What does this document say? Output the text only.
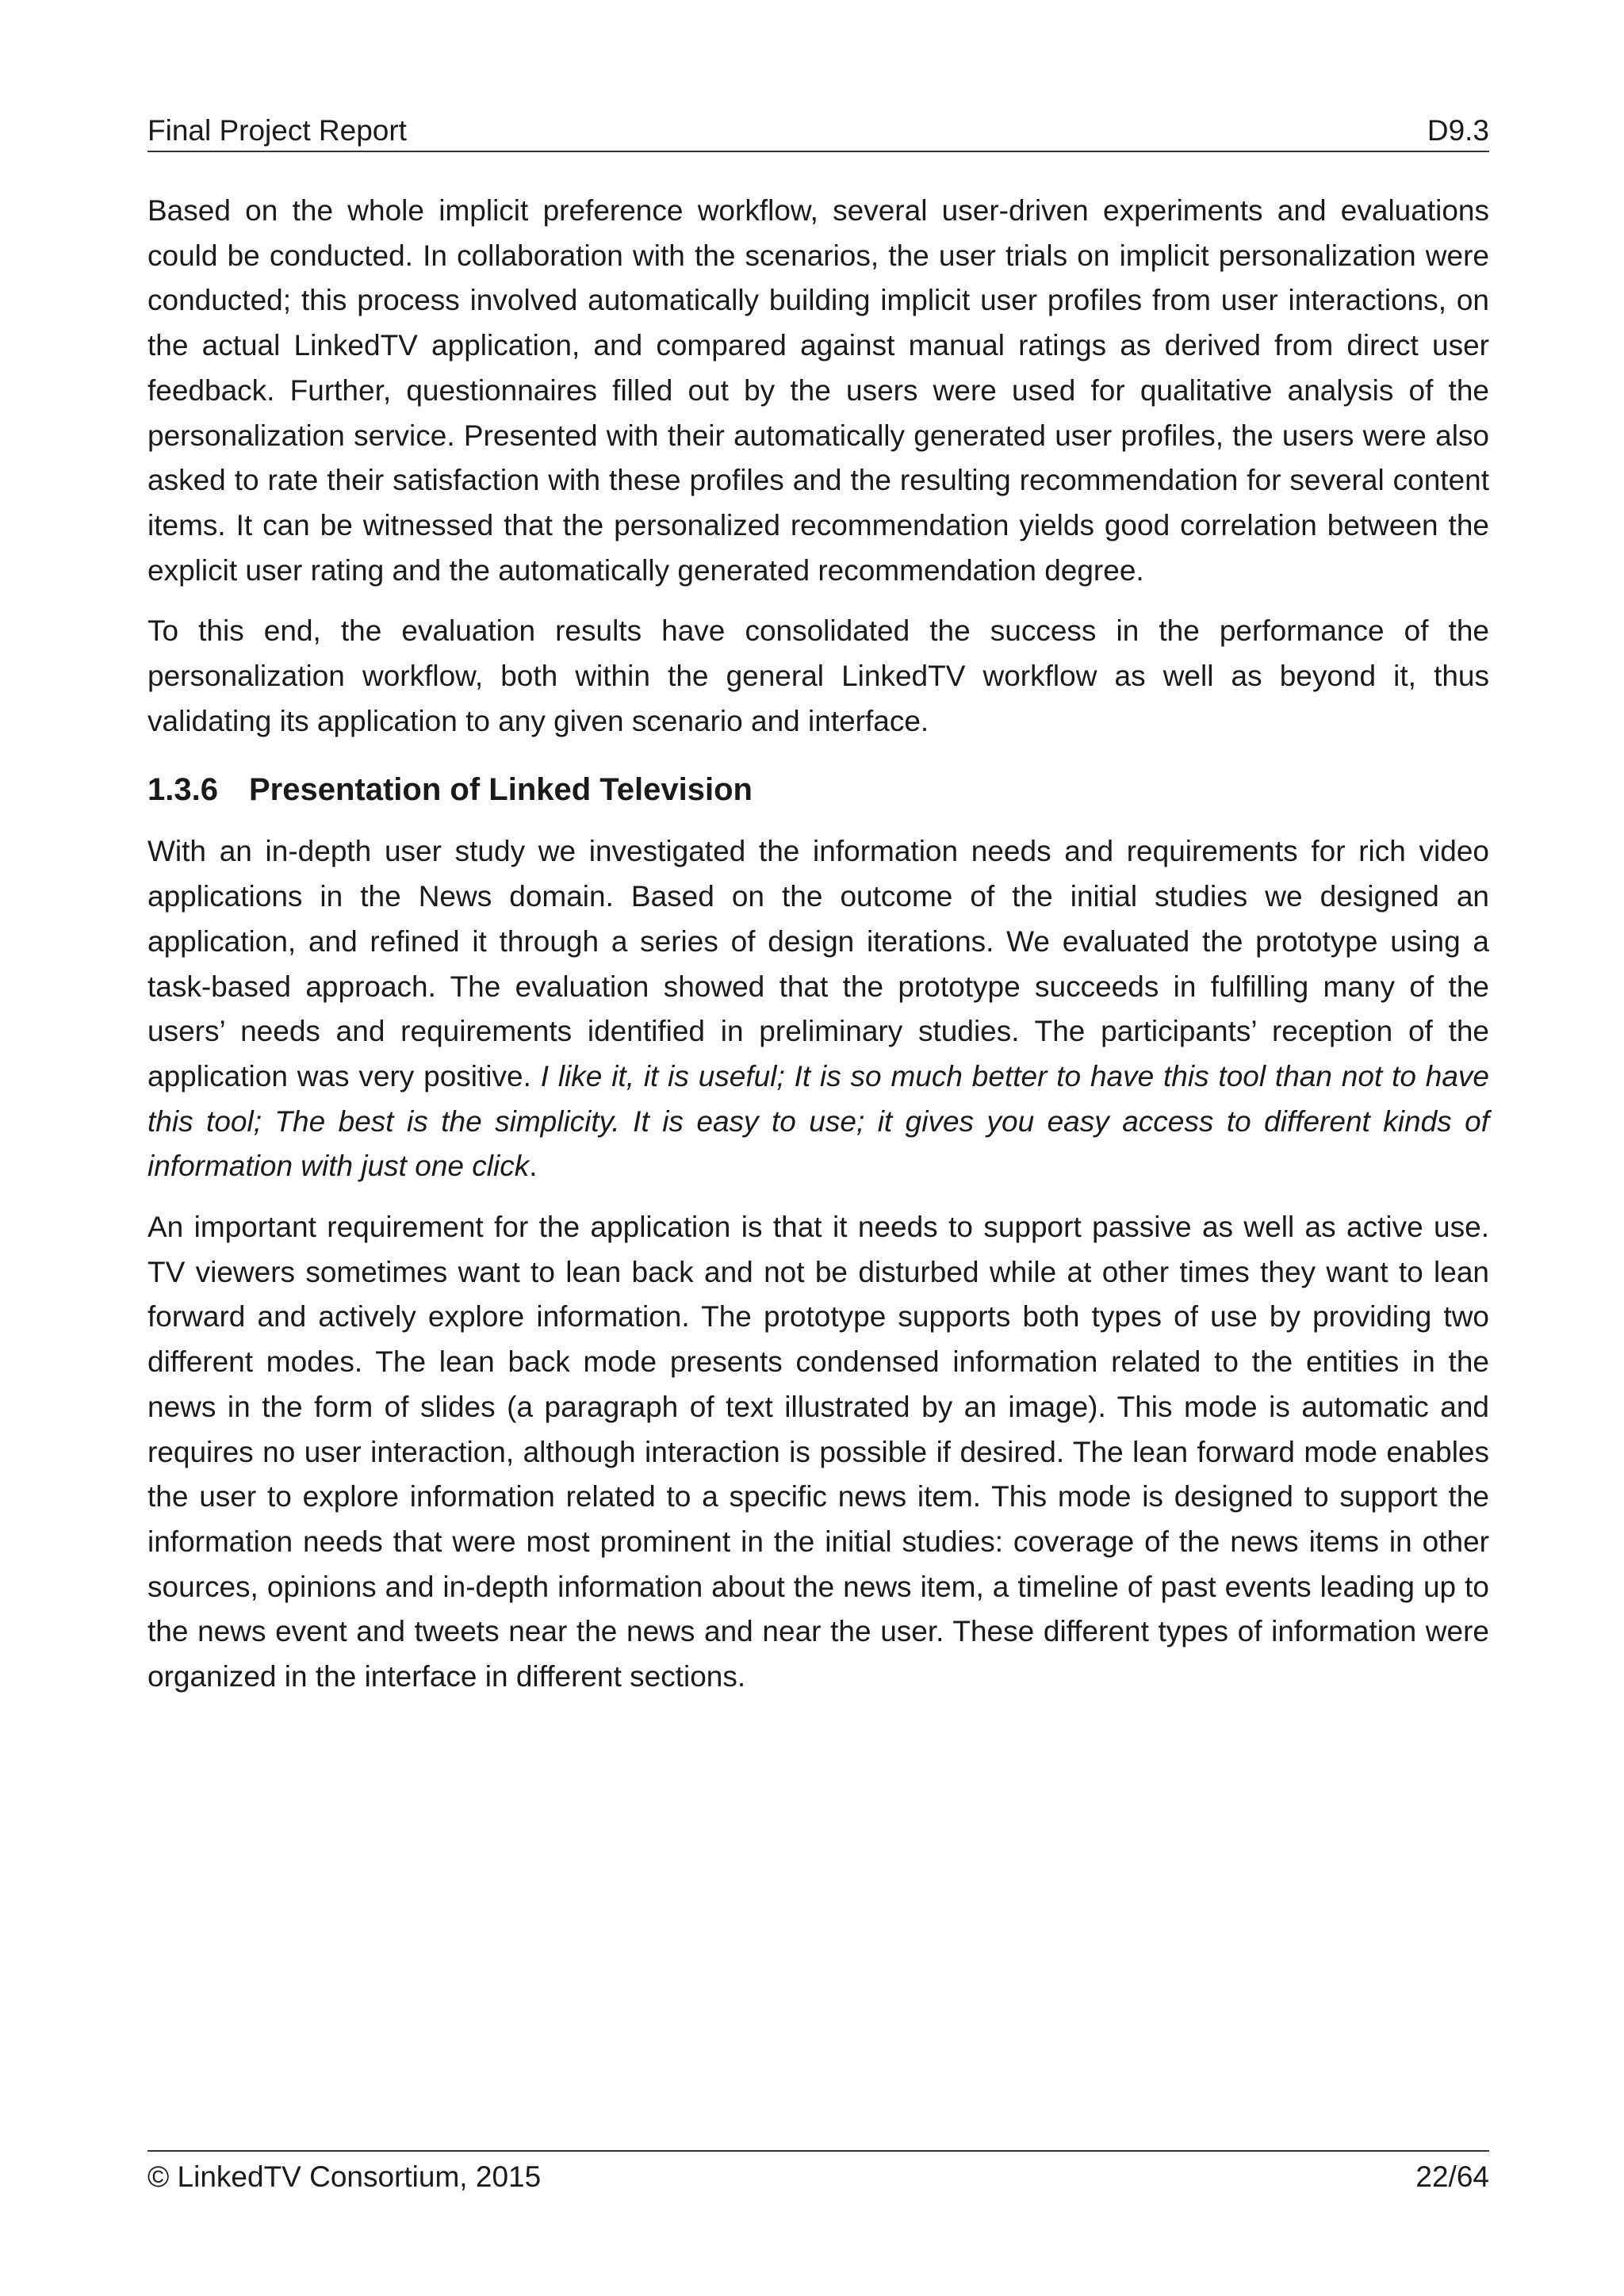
Final Project Report	D9.3

Based on the whole implicit preference workflow, several user-driven experiments and evaluations could be conducted. In collaboration with the scenarios, the user trials on implicit personalization were conducted; this process involved automatically building implicit user profiles from user interactions, on the actual LinkedTV application, and compared against manual ratings as derived from direct user feedback. Further, questionnaires filled out by the users were used for qualitative analysis of the personalization service. Presented with their automatically generated user profiles, the users were also asked to rate their satisfaction with these profiles and the resulting recommendation for several content items. It can be witnessed that the personalized recommendation yields good correlation between the explicit user rating and the automatically generated recommendation degree.

To this end, the evaluation results have consolidated the success in the performance of the personalization workflow, both within the general LinkedTV workflow as well as beyond it, thus validating its application to any given scenario and interface.

1.3.6 Presentation of Linked Television

With an in-depth user study we investigated the information needs and requirements for rich video applications in the News domain. Based on the outcome of the initial studies we designed an application, and refined it through a series of design iterations. We evaluated the prototype using a task-based approach. The evaluation showed that the prototype succeeds in fulfilling many of the users’ needs and requirements identified in preliminary studies. The participants’ reception of the application was very positive. I like it, it is useful; It is so much better to have this tool than not to have this tool; The best is the simplicity. It is easy to use; it gives you easy access to different kinds of information with just one click.

An important requirement for the application is that it needs to support passive as well as active use. TV viewers sometimes want to lean back and not be disturbed while at other times they want to lean forward and actively explore information. The prototype supports both types of use by providing two different modes. The lean back mode presents condensed information related to the entities in the news in the form of slides (a paragraph of text illustrated by an image). This mode is automatic and requires no user interaction, although interaction is possible if desired. The lean forward mode enables the user to explore information related to a specific news item. This mode is designed to support the information needs that were most prominent in the initial studies: coverage of the news items in other sources, opinions and in-depth information about the news item, a timeline of past events leading up to the news event and tweets near the news and near the user. These different types of information were organized in the interface in different sections.

© LinkedTV Consortium, 2015	22/64
